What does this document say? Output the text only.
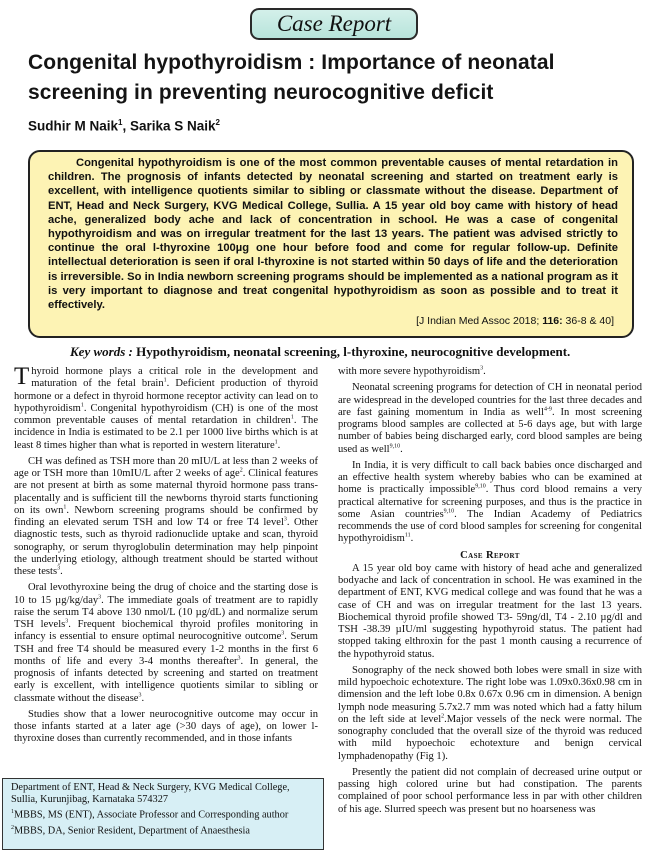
Case Report
Congenital hypothyroidism : Importance of neonatal screening in preventing neurocognitive deficit
Sudhir M Naik$^1$, Sarika S Naik$^2$

Congenital hypothyroidism is one of the most common preventable causes of mental retardation in children. The prognosis of infants detected by neonatal screening and started on treatment early is excellent, with intelligence quotients similar to sibling or classmate without the disease. Department of ENT, Head and Neck Surgery, KVG Medical College, Sullia. A 15 year old boy came with history of head ache, generalized body ache and lack of concentration in school. He was a case of congenital hypothyroidism and was on irregular treatment for the last 13 years. The patient was advised strictly to continue the oral l-thyroxine 100µg one hour before food and come for regular follow-up. Definite intellectual deterioration is seen if oral l-thyroxine is not started within 50 days of life and the deterioration is irreversible. So in India newborn screening programs should be implemented as a national program as it is very important to diagnose and treat congenital hypothyroidism as soon as possible and to treat it effectively.

[J Indian Med Assoc 2018; 116: 36-8 & 40]

Key words : Hypothyroidism, neonatal screening, l-thyroxine, neurocognitive development.

Thyroid hormone plays a critical role in the development and maturation of the fetal brain$^1$. Deficient production of thyroid hormone or a defect in thyroid hormone receptor activity can lead on to hypothyroidism$^1$. Congenital hypothyroidism (CH) is one of the most common preventable causes of mental retardation in children$^1$. The incidence in India is estimated to be 2.1 per 1000 live births which is at least 8 times higher than what is reported in western literature$^1$.

CH was defined as TSH more than 20 mIU/L at less than 2 weeks of age or TSH more than 10mIU/L after 2 weeks of age$^2$. Clinical features are not present at birth as some maternal thyroid hormone pass trans-placentally and is sufficient till the newborns thyroid starts functioning on its own$^1$. Newborn screening programs should be confirmed by finding an elevated serum TSH and low T4 or free T4 level$^3$. Other diagnostic tests, such as thyroid radionuclide uptake and scan, thyroid sonography, or serum thyroglobulin determination may help pinpoint the underlying etiology, although treatment should be started without these tests$^3$.

Oral levothyroxine being the drug of choice and the starting dose is 10 to 15 µg/kg/day$^3$. The immediate goals of treatment are to rapidly raise the serum T4 above 130 nmol/L (10 µg/dL) and normalize serum TSH levels$^3$. Frequent biochemical thyroid profiles monitoring in infancy is essential to ensure optimal neurocognitive outcome$^3$. Serum TSH and free T4 should be measured every 1-2 months in the first 6 months of life and every 3-4 months thereafter$^3$. In general, the prognosis of infants detected by screening and started on treatment early is excellent, with intelligence quotients similar to sibling or classmate without the disease$^3$.

Studies show that a lower neurocognitive outcome may occur in those infants started at a later age (>30 days of age), on lower l-thyroxine doses than currently recommended, and in those infants

with more severe hypothyroidism$^3$.

Neonatal screening programs for detection of CH in neonatal period are widespread in the developed countries for the last three decades and are fast gaining momentum in India as well$^{4-9}$. In most screening programs blood samples are collected at 5-6 days age, but with large number of babies being discharged early, cord blood samples are being used as well$^{9,10}$.

In India, it is very difficult to call back babies once discharged and an effective health system whereby babies who can be examined at home is practically impossible$^{9,10}$. Thus cord blood remains a very practical alternative for screening purposes, and thus is the practice in some Asian countries$^{9,10}$. The Indian Academy of Pediatrics recommends the use of cord blood samples for screening for congenital hypothyroidism$^{11}$.

Case Report

A 15 year old boy came with history of head ache and generalized bodyache and lack of concentration in school. He was examined in the department of ENT, KVG medical college and was found that he was a case of CH and was on irregular treatment for the last 13 years. Biochemical thyroid profile showed T3- 59ng/dl, T4 - 2.10 µg/dl and TSH -38.39 µIU/ml suggesting hypothyroid status. The patient had stopped taking elthroxin for the past 1 month causing a recurrence of the hypothyroid status.

Sonography of the neck showed both lobes were small in size with mild hypoechoic echotexture. The right lobe was 1.09x0.36x0.98 cm in dimension and the left lobe 0.8x 0.67x 0.96 cm in dimension. A benign lymph node measuring 5.7x2.7 mm was noted which had a fatty hilum on the left side at level$^2$.Major vessels of the neck were normal. The sonography concluded that the overall size of the thyroid was reduced with mild hypoechoic echotexture and benign cervical lymphadenopathy (Fig 1).

Presently the patient did not complain of decreased urine output or passing high colored urine but had constipation. The parents complained of poor school performance less in par with other children of his age. Slurred speech was present but no hoarseness was

Department of ENT, Head & Neck Surgery, KVG Medical College, Sullia, Kurunjibag, Karnataka 574327
$^1$MBBS, MS (ENT), Associate Professor and Corresponding author
$^2$MBBS, DA, Senior Resident, Department of Anaesthesia
